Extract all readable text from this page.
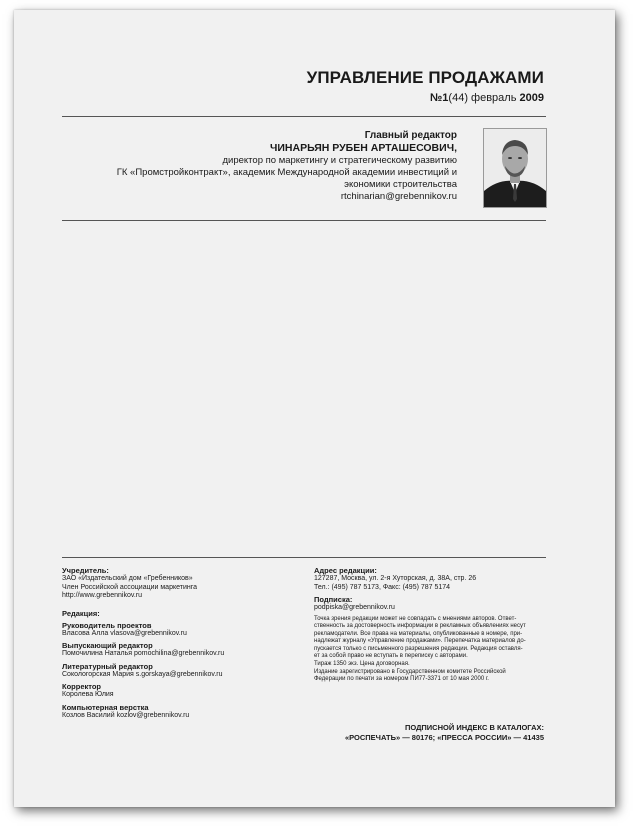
УПРАВЛЕНИЕ ПРОДАЖАМИ
№1(44) февраль 2009
Главный редактор
ЧИНАРЬЯН РУБЕН АРТАШЕСОВИЧ,
директор по маркетингу и стратегическому развитию
ГК «Промстройконтракт», академик Международной академии инвестиций и
экономики строительства
rtchinarian@grebennikov.ru
Учредитель:
ЗАО «Издательский дом «Гребенников»
Член Российской ассоциации маркетинга
http://www.grebennikov.ru
Редакция:
Руководитель проектов
Власова Алла vlasova@grebennikov.ru
Выпускающий редактор
Помочилина Наталья pomochilina@grebennikov.ru
Литературный редактор
Сокологорская Мария s.gorskaya@grebennikov.ru
Корректор
Королева Юлия
Компьютерная верстка
Козлов Василий kozlov@grebennikov.ru
Адрес редакции:
127287, Москва, ул. 2-я Хуторская, д. 38А, стр. 26
Тел.: (495) 787 5173, Факс: (495) 787 5174
Подписка:
podpiska@grebennikov.ru
Точка зрения редакции может не совпадать с мнениями авторов. Ответ-
ственность за достоверность информации в рекламных объявлениях несут
рекламодатели. Все права на материалы, опубликованные в номере, при-
надлежат журналу «Управление продажами». Перепечатка материалов до-
пускается только с письменного разрешения редакции. Редакция оставля-
ет за собой право не вступать в переписку с авторами.
Тираж 1350 экз. Цена договорная.
Издание зарегистрировано в Государственном комитете Российской
Федерации по печати за номером ПИ77-3371 от 10 мая 2000 г.
ПОДПИСНОЙ ИНДЕКС В КАТАЛОГАХ:
«РОСПЕЧАТЬ» — 80176; «ПРЕССА РОССИИ» — 41435
